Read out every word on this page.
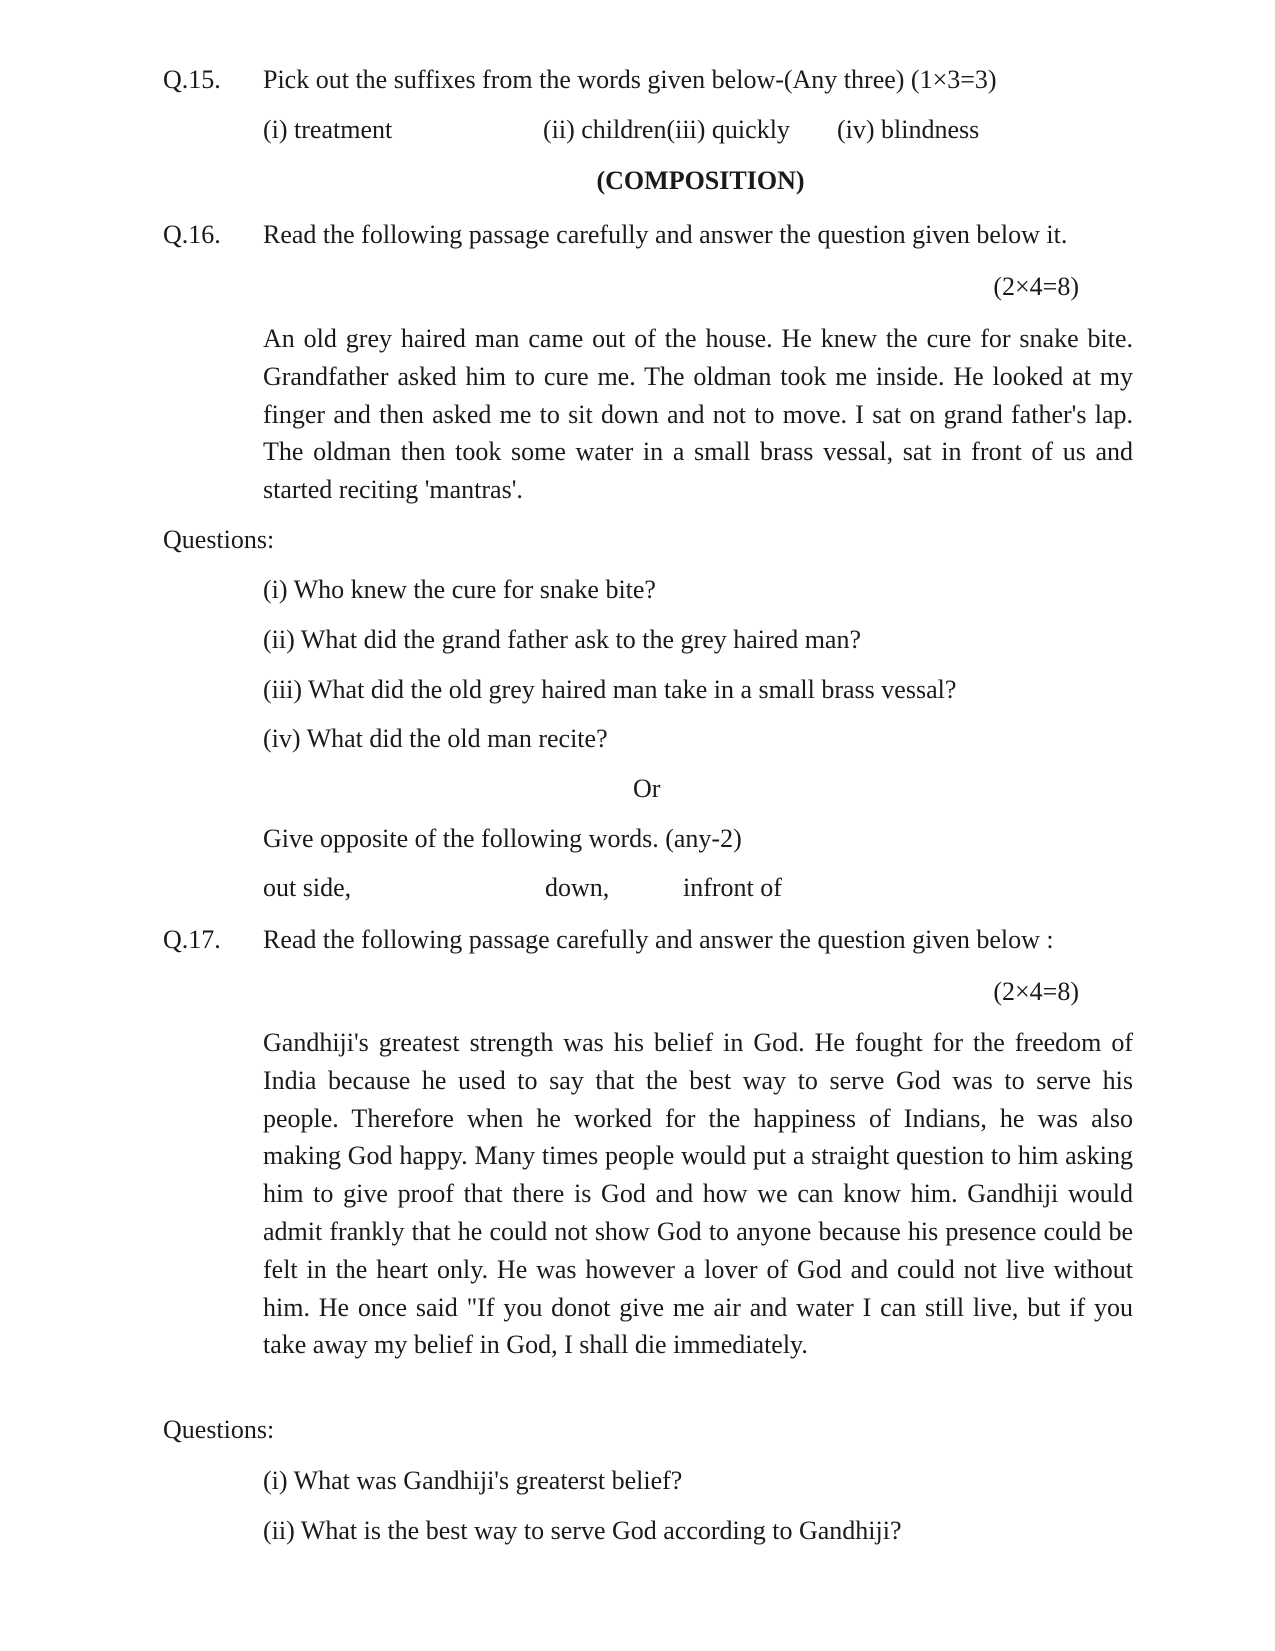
Q.15. Pick out the suffixes from the words given below-(Any three) (1×3=3)
(i) treatment	(ii) children(iii) quickly (iv) blindness
(COMPOSITION)
Q.16. Read the following passage carefully and answer the question given below it.
(2×4=8)
An old grey haired man came out of the house. He knew the cure for snake bite. Grandfather asked him to cure me. The oldman took me inside. He looked at my finger and then asked me to sit down and not to move. I sat on grand father's lap. The oldman then took some water in a small brass vessal, sat in front of us and started reciting 'mantras'.
Questions:
(i) Who knew the cure for snake bite?
(ii) What did the grand father ask to the grey haired man?
(iii) What did the old grey haired man take in a small brass vessal?
(iv) What did the old man recite?
Or
Give opposite of the following words. (any-2)
out side,	down,	infront of
Q.17. Read the following passage carefully and answer the question given below :
(2×4=8)
Gandhiji's greatest strength was his belief in God. He fought for the freedom of India because he used to say that the best way to serve God was to serve his people. Therefore when he worked for the happiness of Indians, he was also making God happy. Many times people would put a straight question to him asking him to give proof that there is God and how we can know him. Gandhiji would admit frankly that he could not show God to anyone because his presence could be felt in the heart only. He was however a lover of God and could not live without him. He once said "If you donot give me air and water I can still live, but if you take away my belief in God, I shall die immediately.
Questions:
(i) What was Gandhiji's greaterst belief?
(ii) What is the best way to serve God according to Gandhiji?
